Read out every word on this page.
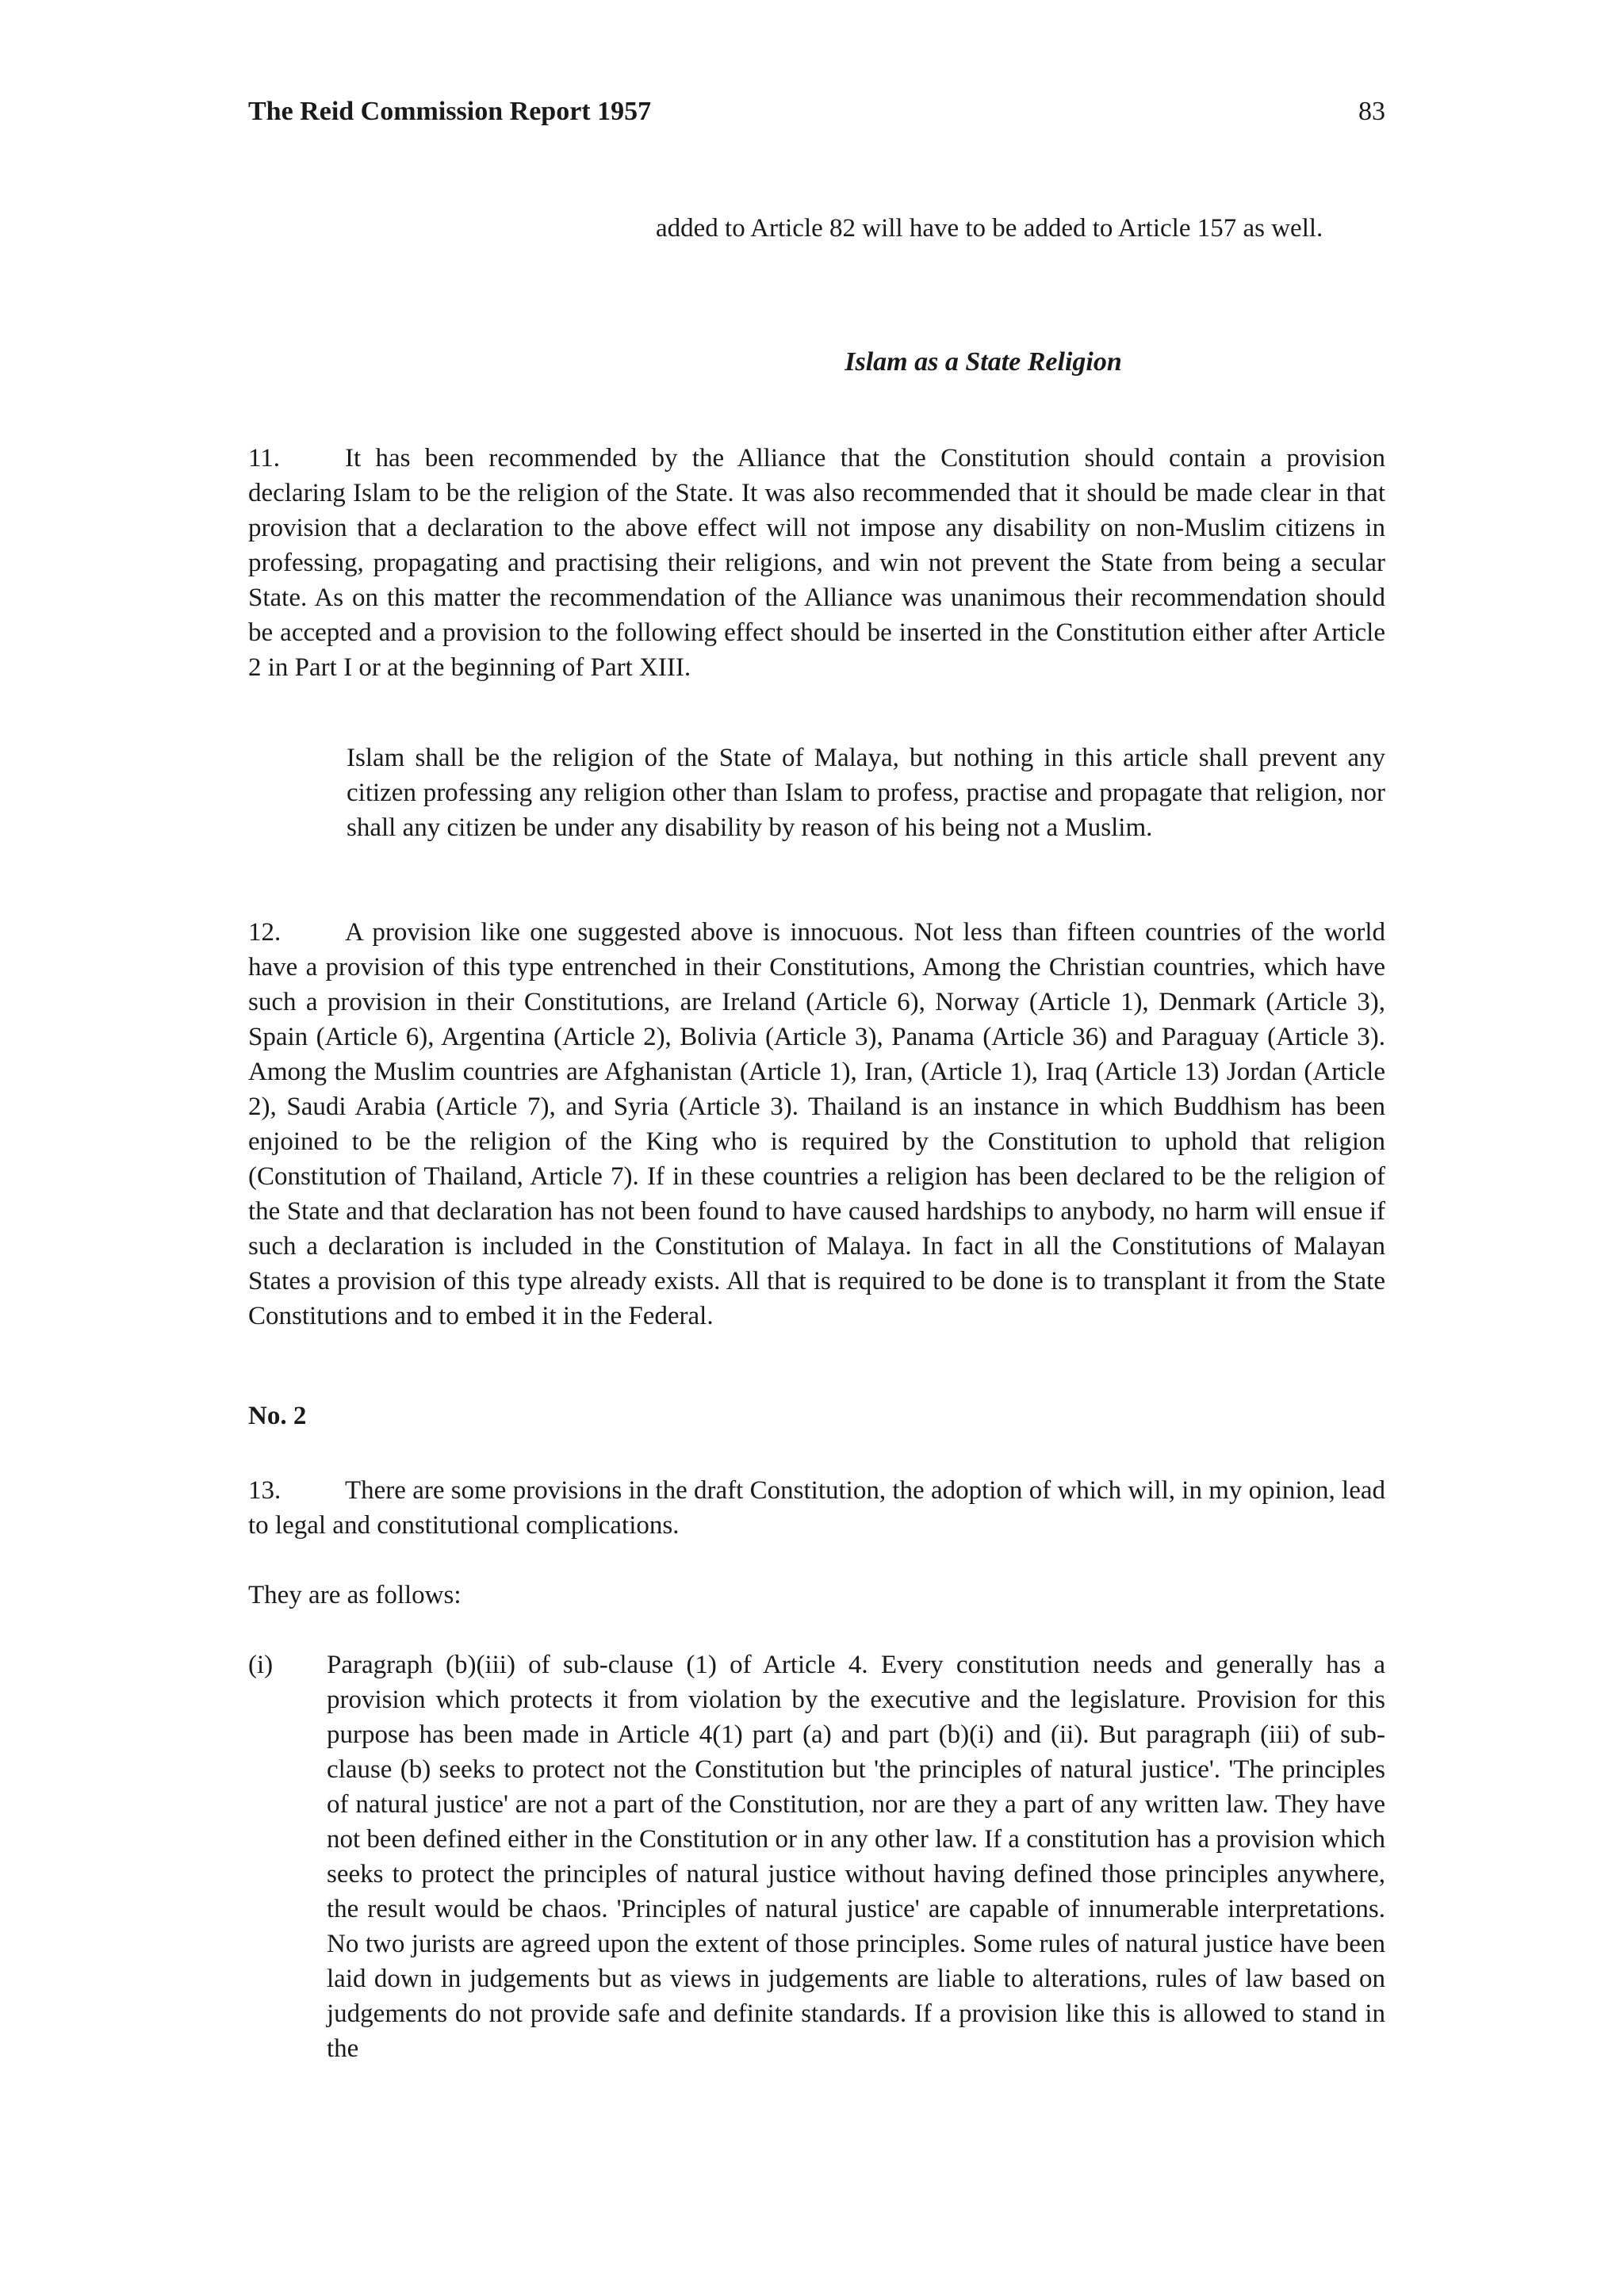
The Reid Commission Report 1957	83

added to Article 82 will have to be added to Article 157 as well.

Islam as a State Religion

11. It has been recommended by the Alliance that the Constitution should contain a provision declaring Islam to be the religion of the State. It was also recommended that it should be made clear in that provision that a declaration to the above effect will not impose any disability on non-Muslim citizens in professing, propagating and practising their religions, and win not prevent the State from being a secular State. As on this matter the recommendation of the Alliance was unanimous their recommendation should be accepted and a provision to the following effect should be inserted in the Constitution either after Article 2 in Part I or at the beginning of Part XIII.

Islam shall be the religion of the State of Malaya, but nothing in this article shall prevent any citizen professing any religion other than Islam to profess, practise and propagate that religion, nor shall any citizen be under any disability by reason of his being not a Muslim.

12. A provision like one suggested above is innocuous. Not less than fifteen countries of the world have a provision of this type entrenched in their Constitutions, Among the Christian countries, which have such a provision in their Constitutions, are Ireland (Article 6), Norway (Article 1), Denmark (Article 3), Spain (Article 6), Argentina (Article 2), Bolivia (Article 3), Panama (Article 36) and Paraguay (Article 3). Among the Muslim countries are Afghanistan (Article 1), Iran, (Article 1), Iraq (Article 13) Jordan (Article 2), Saudi Arabia (Article 7), and Syria (Article 3). Thailand is an instance in which Buddhism has been enjoined to be the religion of the King who is required by the Constitution to uphold that religion (Constitution of Thailand, Article 7). If in these countries a religion has been declared to be the religion of the State and that declaration has not been found to have caused hardships to anybody, no harm will ensue if such a declaration is included in the Constitution of Malaya. In fact in all the Constitutions of Malayan States a provision of this type already exists. All that is required to be done is to transplant it from the State Constitutions and to embed it in the Federal.

No. 2

13. There are some provisions in the draft Constitution, the adoption of which will, in my opinion, lead to legal and constitutional complications.

They are as follows:

(i) Paragraph (b)(iii) of sub-clause (1) of Article 4. Every constitution needs and generally has a provision which protects it from violation by the executive and the legislature. Provision for this purpose has been made in Article 4(1) part (a) and part (b)(i) and (ii). But paragraph (iii) of sub-clause (b) seeks to protect not the Constitution but 'the principles of natural justice'. 'The principles of natural justice' are not a part of the Constitution, nor are they a part of any written law. They have not been defined either in the Constitution or in any other law. If a constitution has a provision which seeks to protect the principles of natural justice without having defined those principles anywhere, the result would be chaos. 'Principles of natural justice' are capable of innumerable interpretations. No two jurists are agreed upon the extent of those principles. Some rules of natural justice have been laid down in judgements but as views in judgements are liable to alterations, rules of law based on judgements do not provide safe and definite standards. If a provision like this is allowed to stand in the
